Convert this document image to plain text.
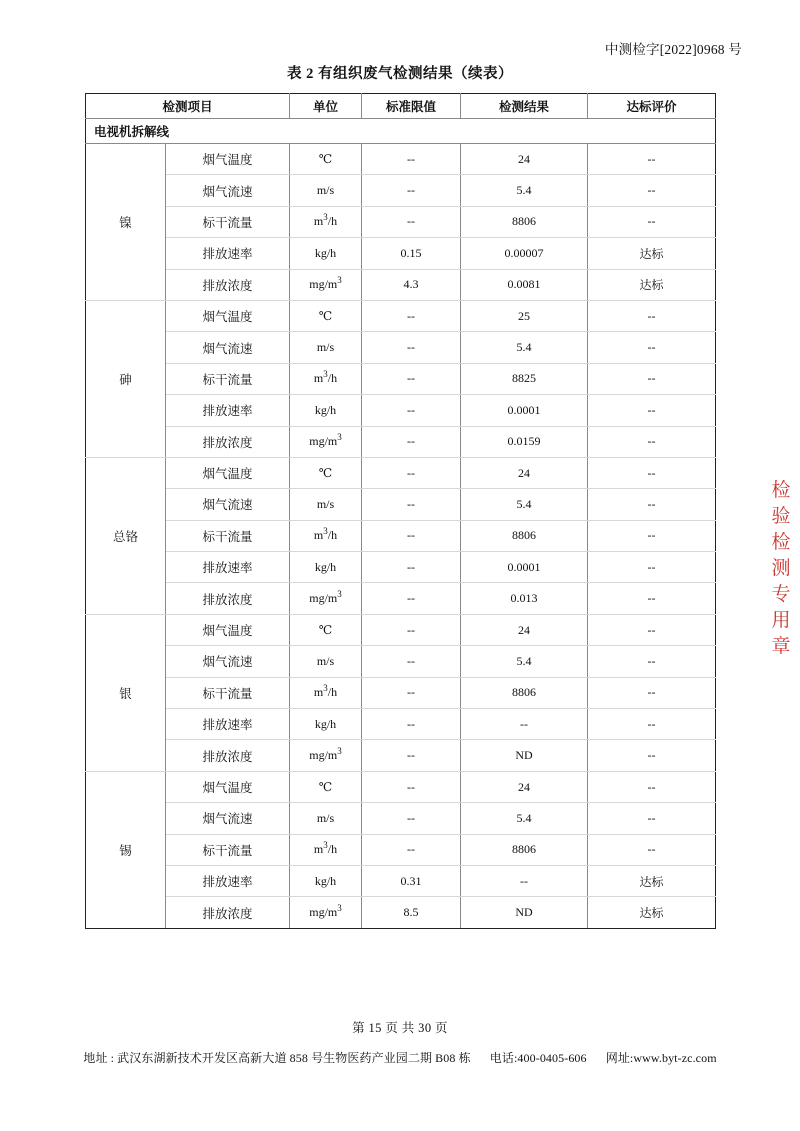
中测检字[2022]0968 号
表 2 有组织废气检测结果（续表）
检测项目		单位	标准限值	检测结果	达标评价
电视机拆解线					
镍	烟气温度	℃	--	24	--
	烟气流速	m/s	--	5.4	--
	标干流量	$m^3/h$	--	8806	--
	排放速率	kg/h	0.15	0.00007	达标
	排放浓度	$mg/m^3$	4.3	0.0081	达标
砷	烟气温度	℃	--	25	--
	烟气流速	m/s	--	5.4	--
	标干流量	$m^3/h$	--	8825	--
	排放速率	kg/h	--	0.0001	--
	排放浓度	$mg/m^3$	--	0.0159	--
总铬	烟气温度	℃	--	24	--
	烟气流速	m/s	--	5.4	--
	标干流量	$m^3/h$	--	8806	--
	排放速率	kg/h	--	0.0001	--
	排放浓度	$mg/m^3$	--	0.013	--
银	烟气温度	℃	--	24	--
	烟气流速	m/s	--	5.4	--
	标干流量	$m^3/h$	--	8806	--
	排放速率	kg/h	--	--	--
	排放浓度	$mg/m^3$	--	ND	--
锡	烟气温度	℃	--	24	--
	烟气流速	m/s	--	5.4	--
	标干流量	$m^3/h$	--	8806	--
	排放速率	kg/h	0.31	--	达标
	排放浓度	$mg/m^3$	8.5	ND	达标
检
验
检
测
专
用
章
第 15 页 共 30 页
地址 : 武汉东湖新技术开发区高新大道 858 号生物医药产业园二期 B08 栋 电话:400-0405-606 网址:www.byt-zc.com
